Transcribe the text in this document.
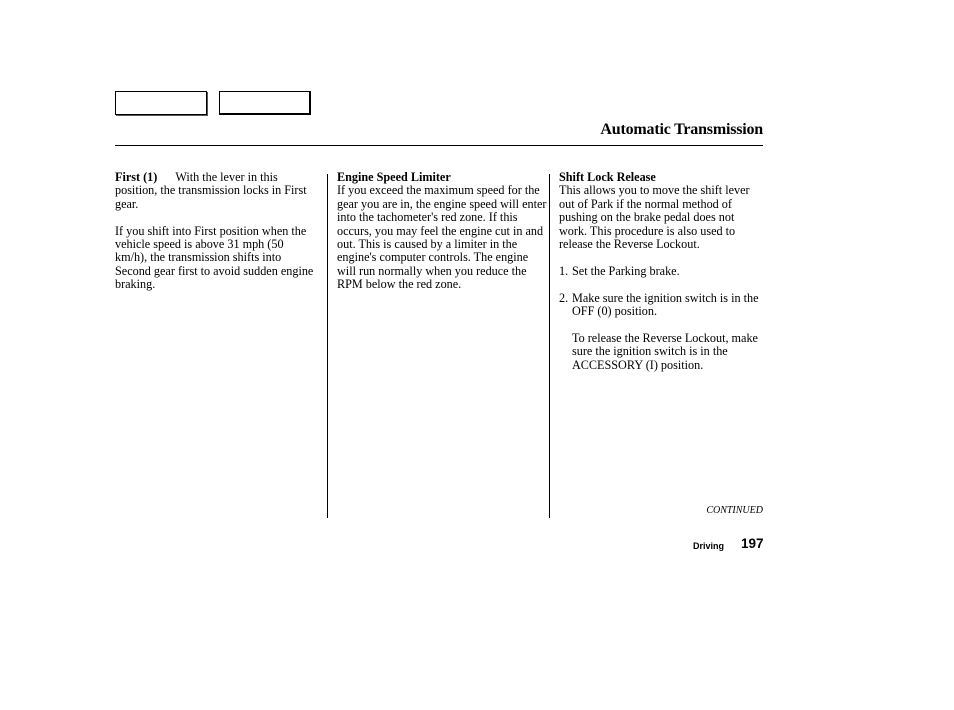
Automatic Transmission

First (1) With the lever in this position, the transmission locks in First gear.

If you shift into First position when the vehicle speed is above 31 mph (50 km/h), the transmission shifts into Second gear first to avoid sudden engine braking.

Engine Speed Limiter

If you exceed the maximum speed for the gear you are in, the engine speed will enter into the tachometer's red zone. If this occurs, you may feel the engine cut in and out. This is caused by a limiter in the engine's computer controls. The engine will run normally when you reduce the RPM below the red zone.

Shift Lock Release

This allows you to move the shift lever out of Park if the normal method of pushing on the brake pedal does not work. This procedure is also used to release the Reverse Lockout.

1. Set the Parking brake.
2. Make sure the ignition switch is in the OFF (0) position.

To release the Reverse Lockout, make sure the ignition switch is in the ACCESSORY (I) position.

CONTINUED
Driving 197
